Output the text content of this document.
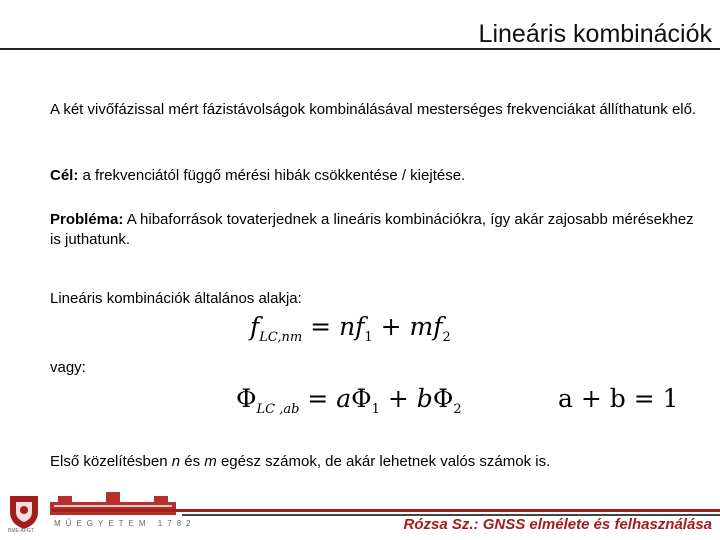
Lineáris kombinációk
A két vivőfázissal mért fázistávolságok kombinálásával mesterséges frekvenciákat állíthatunk elő.
Cél: a frekvenciától függő mérési hibák csökkentése / kiejtése.
Probléma: A hibaforrások tovaterjednek a lineáris kombinációkra, így akár zajosabb mérésekhez is juthatunk.
Lineáris kombinációk általános alakja:
$f_{LC,nm} = nf_1 + mf_2$
vagy:
$\Phi_{LC ,ab} = a\Phi_1 + b\Phi_2$	a + b = 1
Első közelítésben n és m egész számok, de akár lehetnek valós számok is.
BME-ÁFGT
MŰEGYETEM 1782	Rózsa Sz.: GNSS elmélete és felhasználása
